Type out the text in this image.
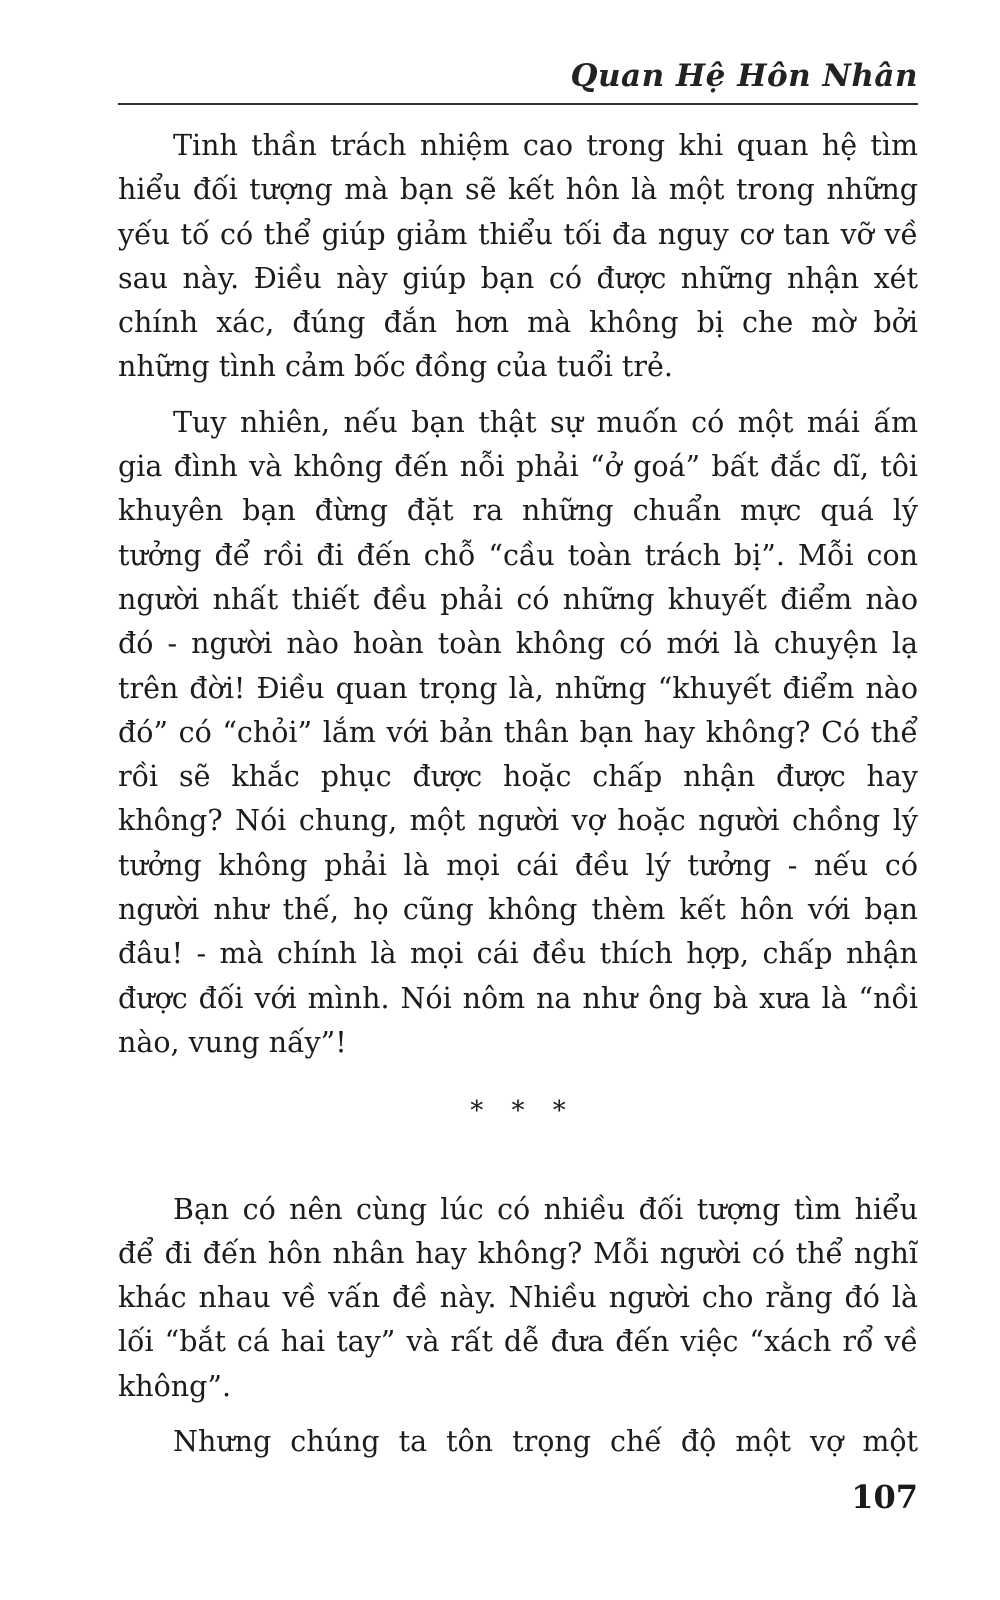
Quan Hệ Hôn Nhân

Tinh thần trách nhiệm cao trong khi quan hệ tìm hiểu đối tượng mà bạn sẽ kết hôn là một trong những yếu tố có thể giúp giảm thiểu tối đa nguy cơ tan vỡ về sau này. Điều này giúp bạn có được những nhận xét chính xác, đúng đắn hơn mà không bị che mờ bởi những tình cảm bốc đồng của tuổi trẻ.

Tuy nhiên, nếu bạn thật sự muốn có một mái ấm gia đình và không đến nỗi phải “ở goá” bất đắc dĩ, tôi khuyên bạn đừng đặt ra những chuẩn mực quá lý tưởng để rồi đi đến chỗ “cầu toàn trách bị”. Mỗi con người nhất thiết đều phải có những khuyết điểm nào đó - người nào hoàn toàn không có mới là chuyện lạ trên đời! Điều quan trọng là, những “khuyết điểm nào đó” có “chỏi” lắm với bản thân bạn hay không? Có thể rồi sẽ khắc phục được hoặc chấp nhận được hay không? Nói chung, một người vợ hoặc người chồng lý tưởng không phải là mọi cái đều lý tưởng - nếu có người như thế, họ cũng không thèm kết hôn với bạn đâu! - mà chính là mọi cái đều thích hợp, chấp nhận được đối với mình. Nói nôm na như ông bà xưa là “nồi nào, vung nấy”!

* * *

Bạn có nên cùng lúc có nhiều đối tượng tìm hiểu để đi đến hôn nhân hay không? Mỗi người có thể nghĩ khác nhau về vấn đề này. Nhiều người cho rằng đó là lối “bắt cá hai tay” và rất dễ đưa đến việc “xách rổ về không”.

Nhưng chúng ta tôn trọng chế độ một vợ một

107
